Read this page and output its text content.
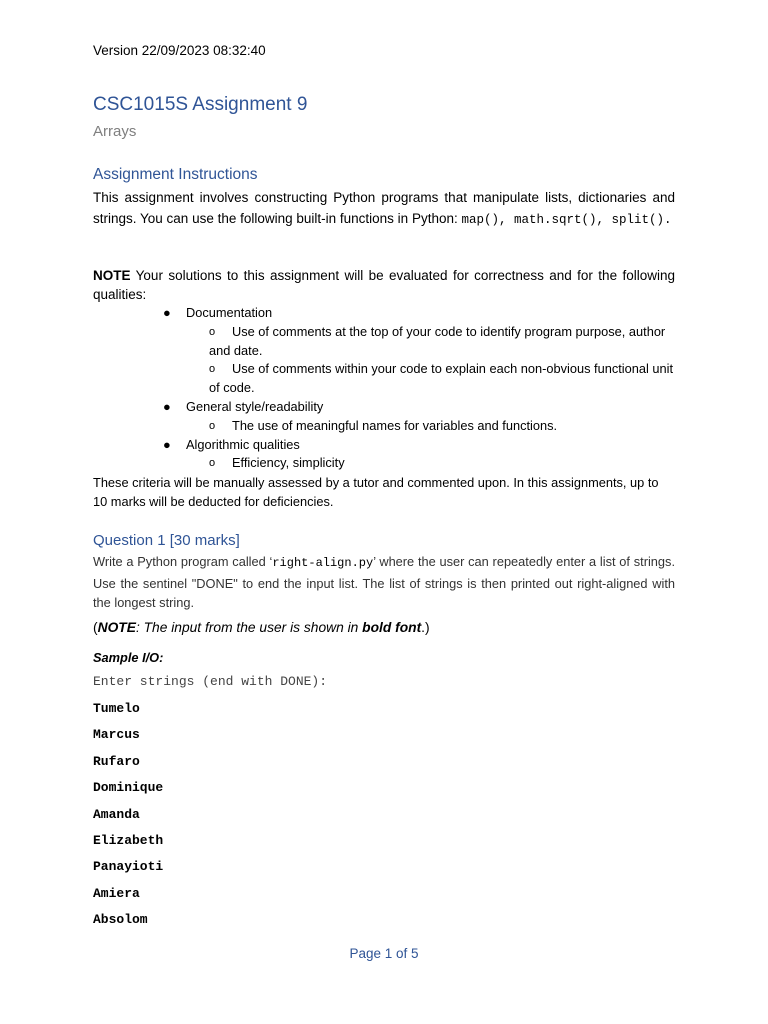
Version 22/09/2023 08:32:40
CSC1015S Assignment 9
Arrays
Assignment Instructions
This assignment involves constructing Python programs that manipulate lists, dictionaries and strings. You can use the following built-in functions in Python: map(), math.sqrt(), split().
NOTE Your solutions to this assignment will be evaluated for correctness and for the following qualities:
● Documentation
o	Use of comments at the top of your code to identify program purpose, author and date.
o	Use of comments within your code to explain each non-obvious functional unit of code.
● General style/readability
o	The use of meaningful names for variables and functions.
● Algorithmic qualities
o	Efficiency, simplicity
These criteria will be manually assessed by a tutor and commented upon. In this assignments, up to 10 marks will be deducted for deficiencies.
Question 1 [30 marks]
Write a Python program called ‘right-align.py’ where the user can repeatedly enter a list of strings. Use the sentinel "DONE" to end the input list. The list of strings is then printed out right-aligned with the longest string.
(NOTE: The input from the user is shown in bold font.)
Sample I/O:
Enter strings (end with DONE):
Tumelo
Marcus
Rufaro
Dominique
Amanda
Elizabeth
Panayioti
Amiera
Absolom
Page 1 of 5
